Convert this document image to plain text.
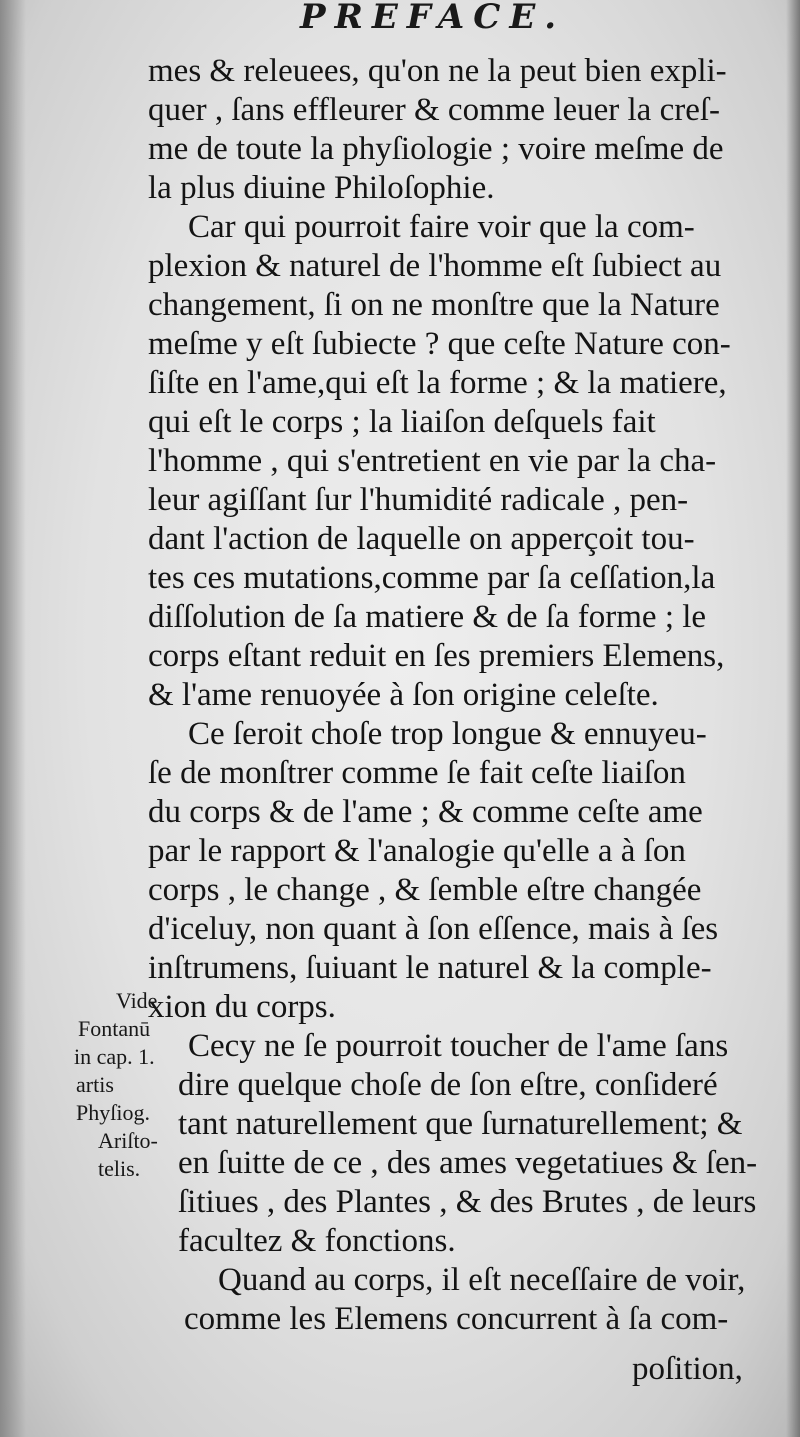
PREFACE.
mes & releuees, qu'on ne la peut bien expli-
quer , ſans effleurer & comme leuer la creſ-
me de toute la phyſiologie ; voire meſme de
la plus diuine Philoſophie.
Car qui pourroit faire voir que la com-
plexion & naturel de l'homme eſt ſubiect au
changement, ſi on ne monſtre que la Nature
meſme y eſt ſubiecte ? que ceſte Nature con-
ſiſte en l'ame,qui eſt la forme ; & la matiere,
qui eſt le corps ; la liaiſon deſquels fait
l'homme , qui s'entretient en vie par la cha-
leur agiſſant ſur l'humidité radicale , pen-
dant l'action de laquelle on apperçoit tou-
tes ces mutations,comme par ſa ceſſation,la
diſſolution de ſa matiere & de ſa forme ; le
corps eſtant reduit en ſes premiers Elemens,
& l'ame renuoyée à ſon origine celeſte.
Ce ſeroit choſe trop longue & ennuyeu-
ſe de monſtrer comme ſe fait ceſte liaiſon
du corps & de l'ame ; & comme ceſte ame
par le rapport & l'analogie qu'elle a à ſon
corps , le change , & ſemble eſtre changée
d'iceluy, non quant à ſon eſſence, mais à ſes
inſtrumens, ſuiuant le naturel & la comple-
xion du corps.
Cecy ne ſe pourroit toucher de l'ame ſans
dire quelque choſe de ſon eſtre, conſideré
tant naturellement que ſurnaturellement; &
en ſuitte de ce , des ames vegetatiues & ſen-
ſitiues , des Plantes , & des Brutes , de leurs
facultez & fonctions.
Quand au corps, il eſt neceſſaire de voir,
comme les Elemens concurrent à ſa com-
poſition,
Vide
Fontanū
in cap. 1.
artis
Phyſiog.
Ariſto-
telis.
